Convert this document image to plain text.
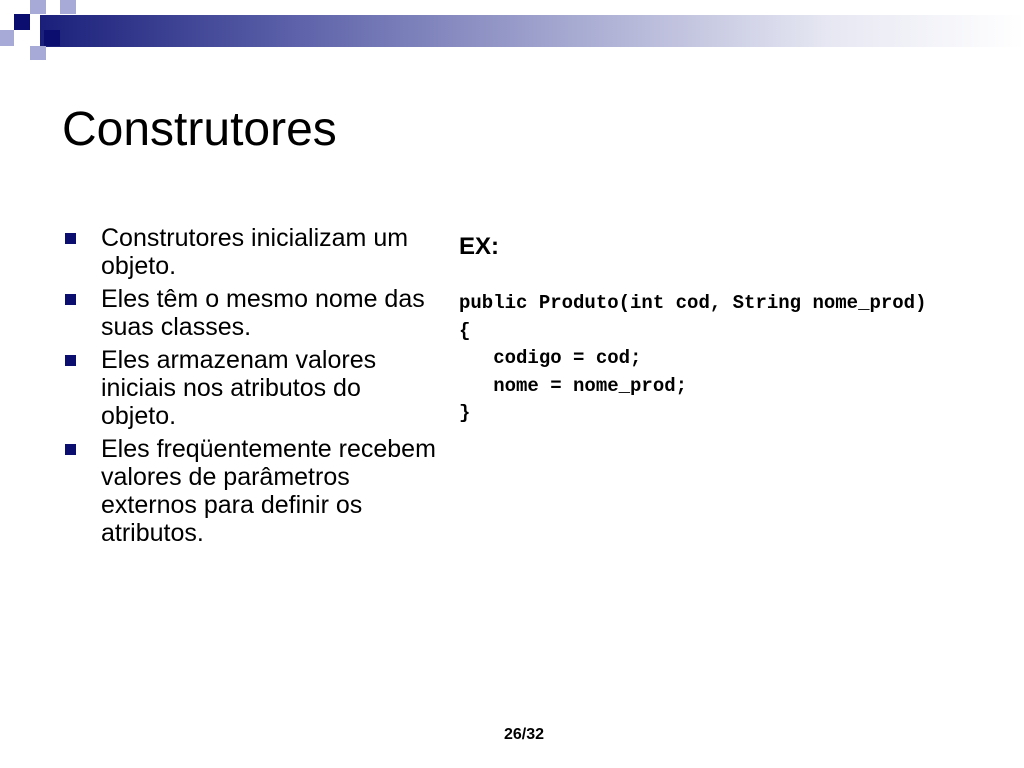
Construtores
Construtores inicializam um objeto.
Eles têm o mesmo nome das suas classes.
Eles armazenam valores iniciais nos atributos do objeto.
Eles freqüentemente recebem valores de parâmetros externos para definir os atributos.
EX:
public Produto(int cod, String nome_prod)
{
codigo = cod;
nome = nome_prod;
}
26/32
